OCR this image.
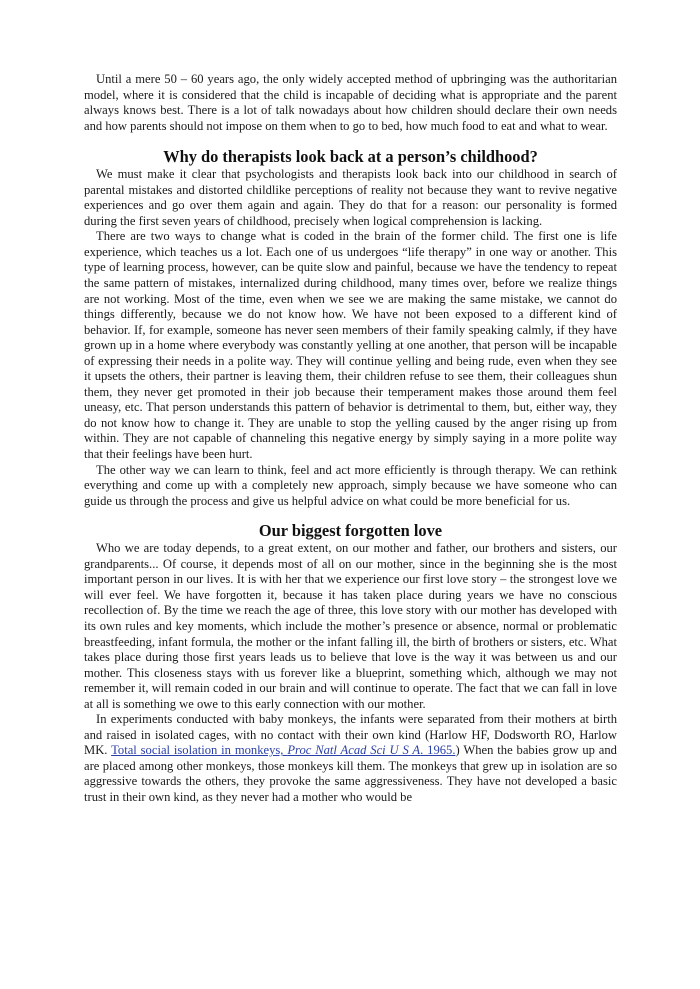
Until a mere 50 – 60 years ago, the only widely accepted method of upbringing was the authoritarian model, where it is considered that the child is incapable of deciding what is appropriate and the parent always knows best. There is a lot of talk nowadays about how children should declare their own needs and how parents should not impose on them when to go to bed, how much food to eat and what to wear.

Why do therapists look back at a person’s childhood?

We must make it clear that psychologists and therapists look back into our childhood in search of parental mistakes and distorted childlike perceptions of reality not because they want to revive negative experiences and go over them again and again. They do that for a reason: our personality is formed during the first seven years of childhood, precisely when logical comprehension is lacking.

There are two ways to change what is coded in the brain of the former child. The first one is life experience, which teaches us a lot. Each one of us undergoes “life therapy” in one way or another. This type of learning process, however, can be quite slow and painful, because we have the tendency to repeat the same pattern of mistakes, internalized during childhood, many times over, before we realize things are not working. Most of the time, even when we see we are making the same mistake, we cannot do things differently, because we do not know how. We have not been exposed to a different kind of behavior. If, for example, someone has never seen members of their family speaking calmly, if they have grown up in a home where everybody was constantly yelling at one another, that person will be incapable of expressing their needs in a polite way. They will continue yelling and being rude, even when they see it upsets the others, their partner is leaving them, their children refuse to see them, their colleagues shun them, they never get promoted in their job because their temperament makes those around them feel uneasy, etc. That person understands this pattern of behavior is detrimental to them, but, either way, they do not know how to change it. They are unable to stop the yelling caused by the anger rising up from within. They are not capable of channeling this negative energy by simply saying in a more polite way that their feelings have been hurt.

The other way we can learn to think, feel and act more efficiently is through therapy. We can rethink everything and come up with a completely new approach, simply because we have someone who can guide us through the process and give us helpful advice on what could be more beneficial for us.

Our biggest forgotten love

Who we are today depends, to a great extent, on our mother and father, our brothers and sisters, our grandparents... Of course, it depends most of all on our mother, since in the beginning she is the most important person in our lives. It is with her that we experience our first love story – the strongest love we will ever feel. We have forgotten it, because it has taken place during years we have no conscious recollection of. By the time we reach the age of three, this love story with our mother has developed with its own rules and key moments, which include the mother’s presence or absence, normal or problematic breastfeeding, infant formula, the mother or the infant falling ill, the birth of brothers or sisters, etc. What takes place during those first years leads us to believe that love is the way it was between us and our mother. This closeness stays with us forever like a blueprint, something which, although we may not remember it, will remain coded in our brain and will continue to operate. The fact that we can fall in love at all is something we owe to this early connection with our mother.

In experiments conducted with baby monkeys, the infants were separated from their mothers at birth and raised in isolated cages, with no contact with their own kind (Harlow HF, Dodsworth RO, Harlow MK. Total social isolation in monkeys, Proc Natl Acad Sci U S A. 1965.) When the babies grow up and are placed among other monkeys, those monkeys kill them. The monkeys that grew up in isolation are so aggressive towards the others, they provoke the same aggressiveness. They have not developed a basic trust in their own kind, as they never had a mother who would be
